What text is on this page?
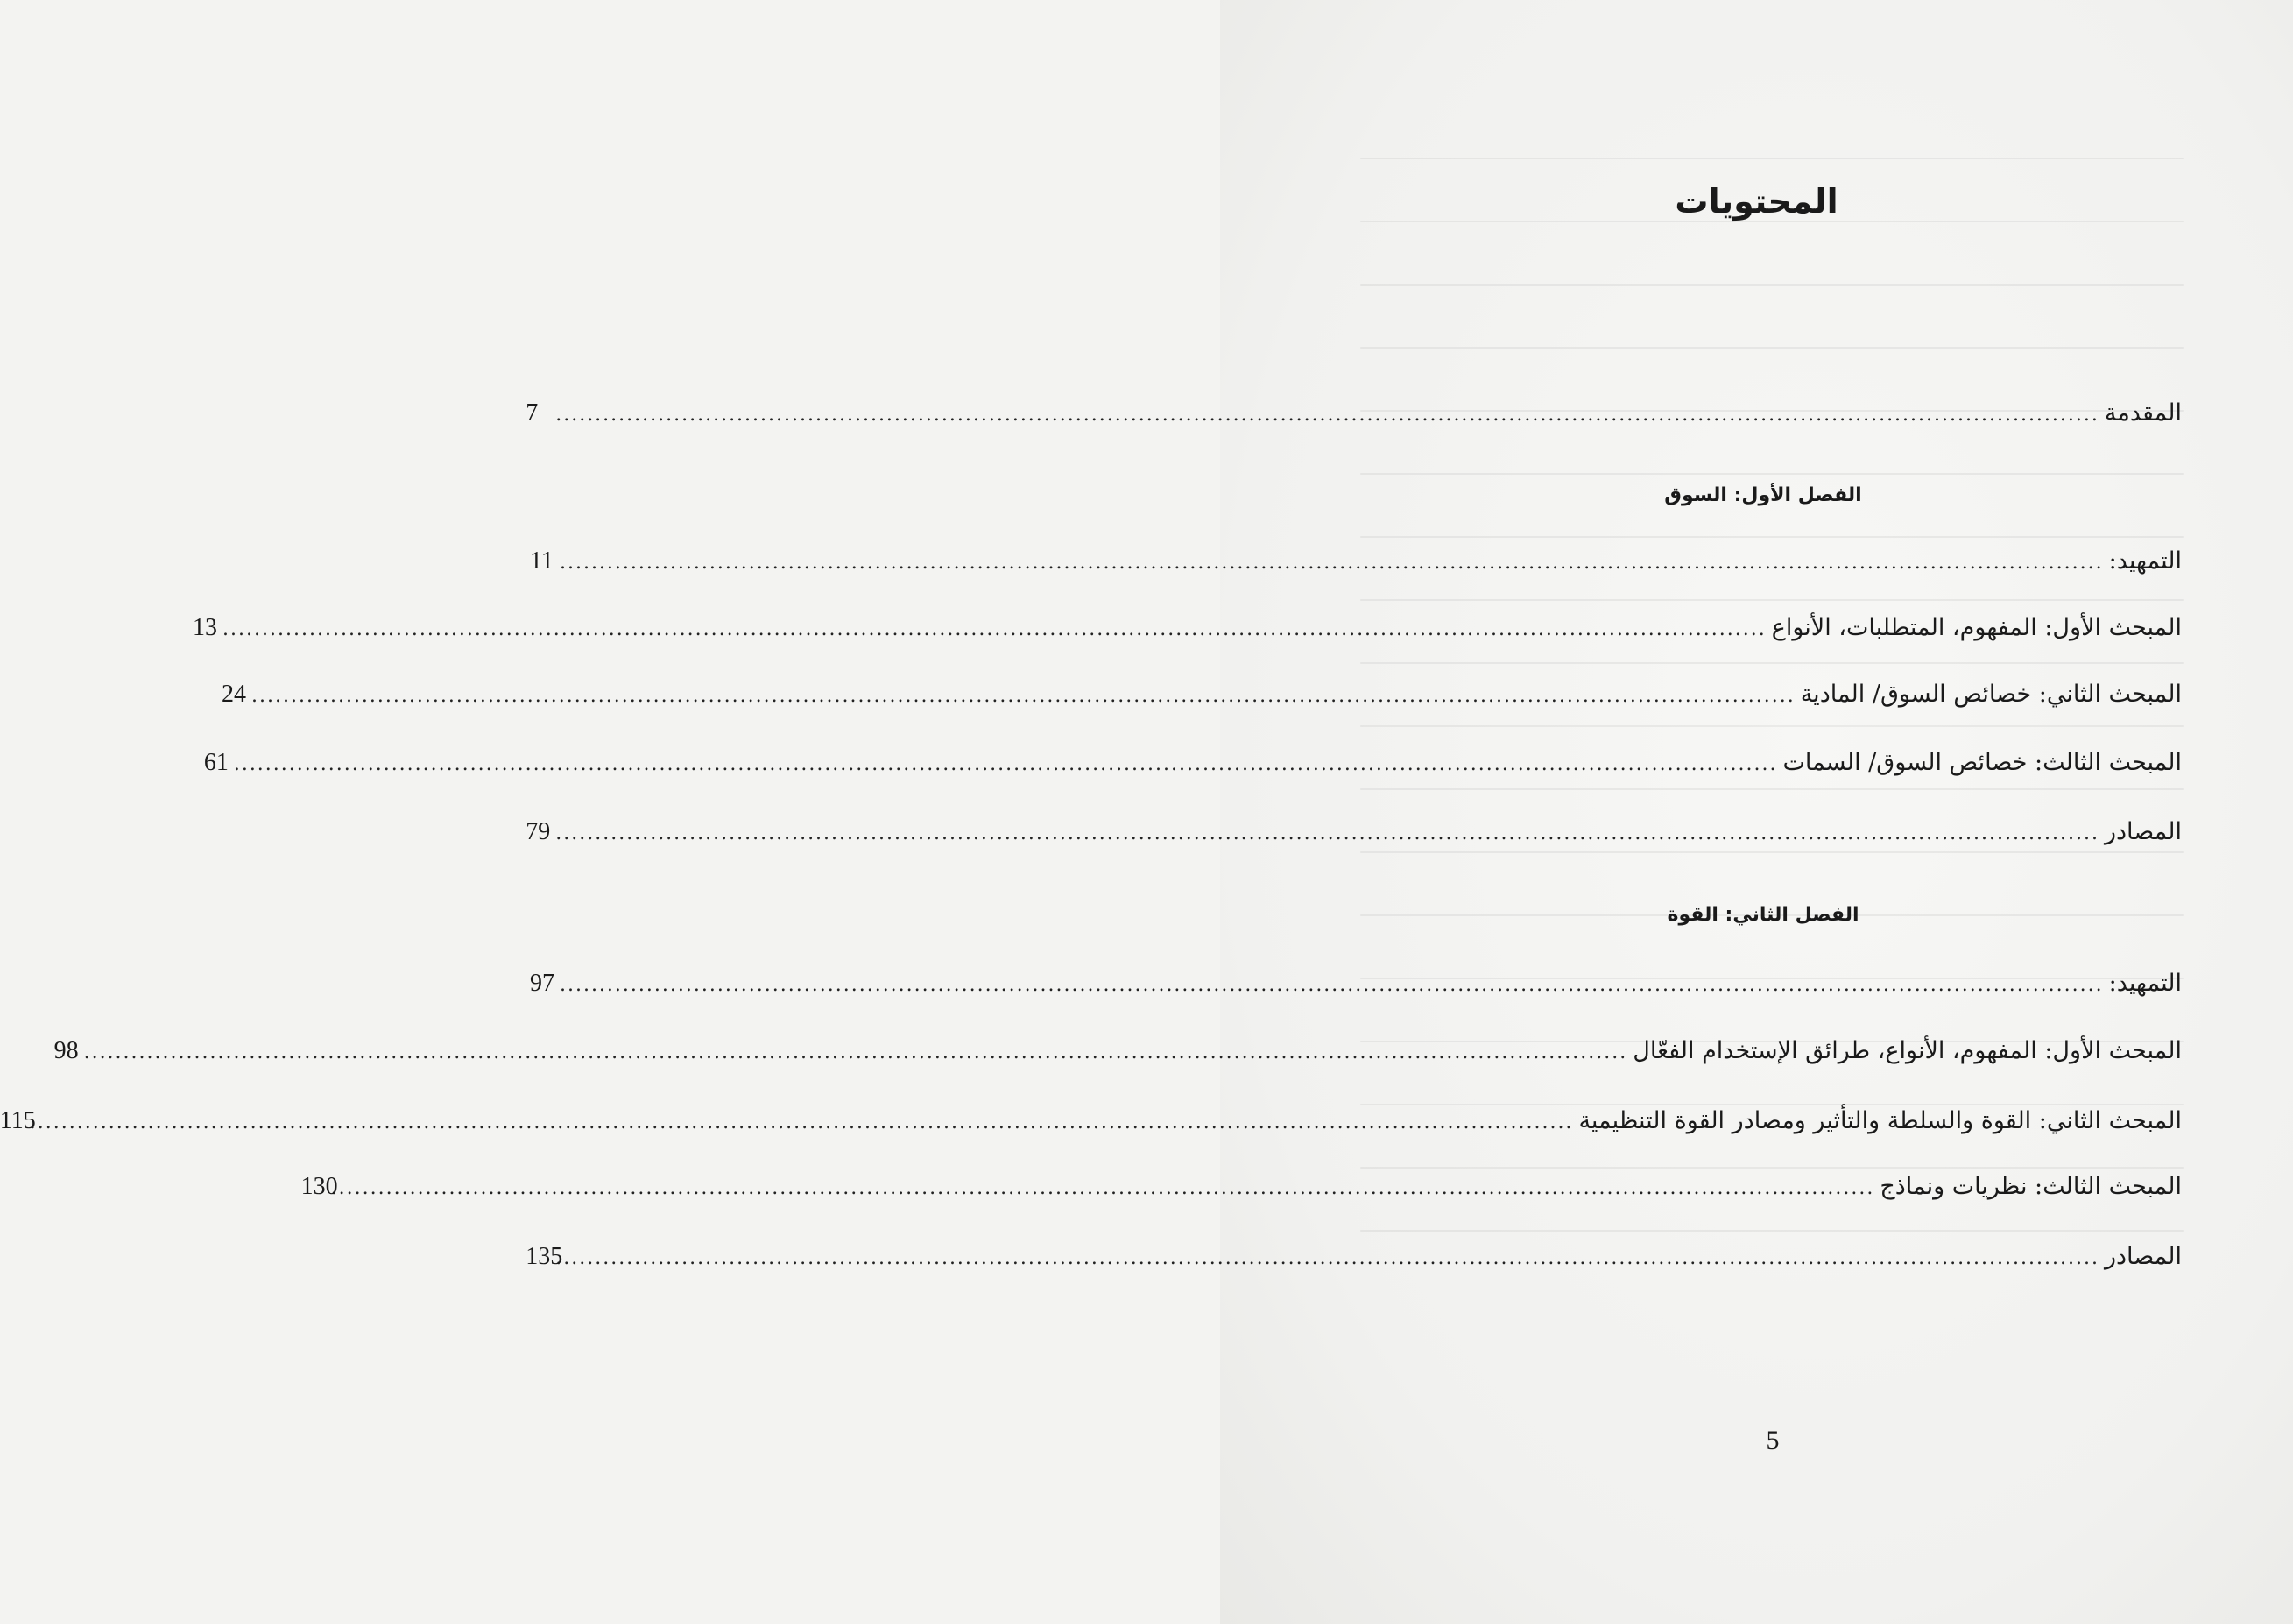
المحتويات
المقدمة
....................................................................................................................................................................................................
7
الفصل الأول: السوق
التمهيد:
....................................................................................................................................................................................................
11
المبحث الأول: المفهوم، المتطلبات، الأنواع
....................................................................................................................................................................................................
13
المبحث الثاني: خصائص السوق/ المادية
....................................................................................................................................................................................................
24
المبحث الثالث: خصائص السوق/ السمات
....................................................................................................................................................................................................
61
المصادر
....................................................................................................................................................................................................
79
الفصل الثاني: القوة
التمهيد:
....................................................................................................................................................................................................
97
المبحث الأول: المفهوم، الأنواع، طرائق الإستخدام الفعّال
....................................................................................................................................................................................................
98
المبحث الثاني: القوة والسلطة والتأثير ومصادر القوة التنظيمية
....................................................................................................................................................................................................
115
المبحث الثالث: نظريات ونماذج
....................................................................................................................................................................................................
130
المصادر
....................................................................................................................................................................................................
135
5
